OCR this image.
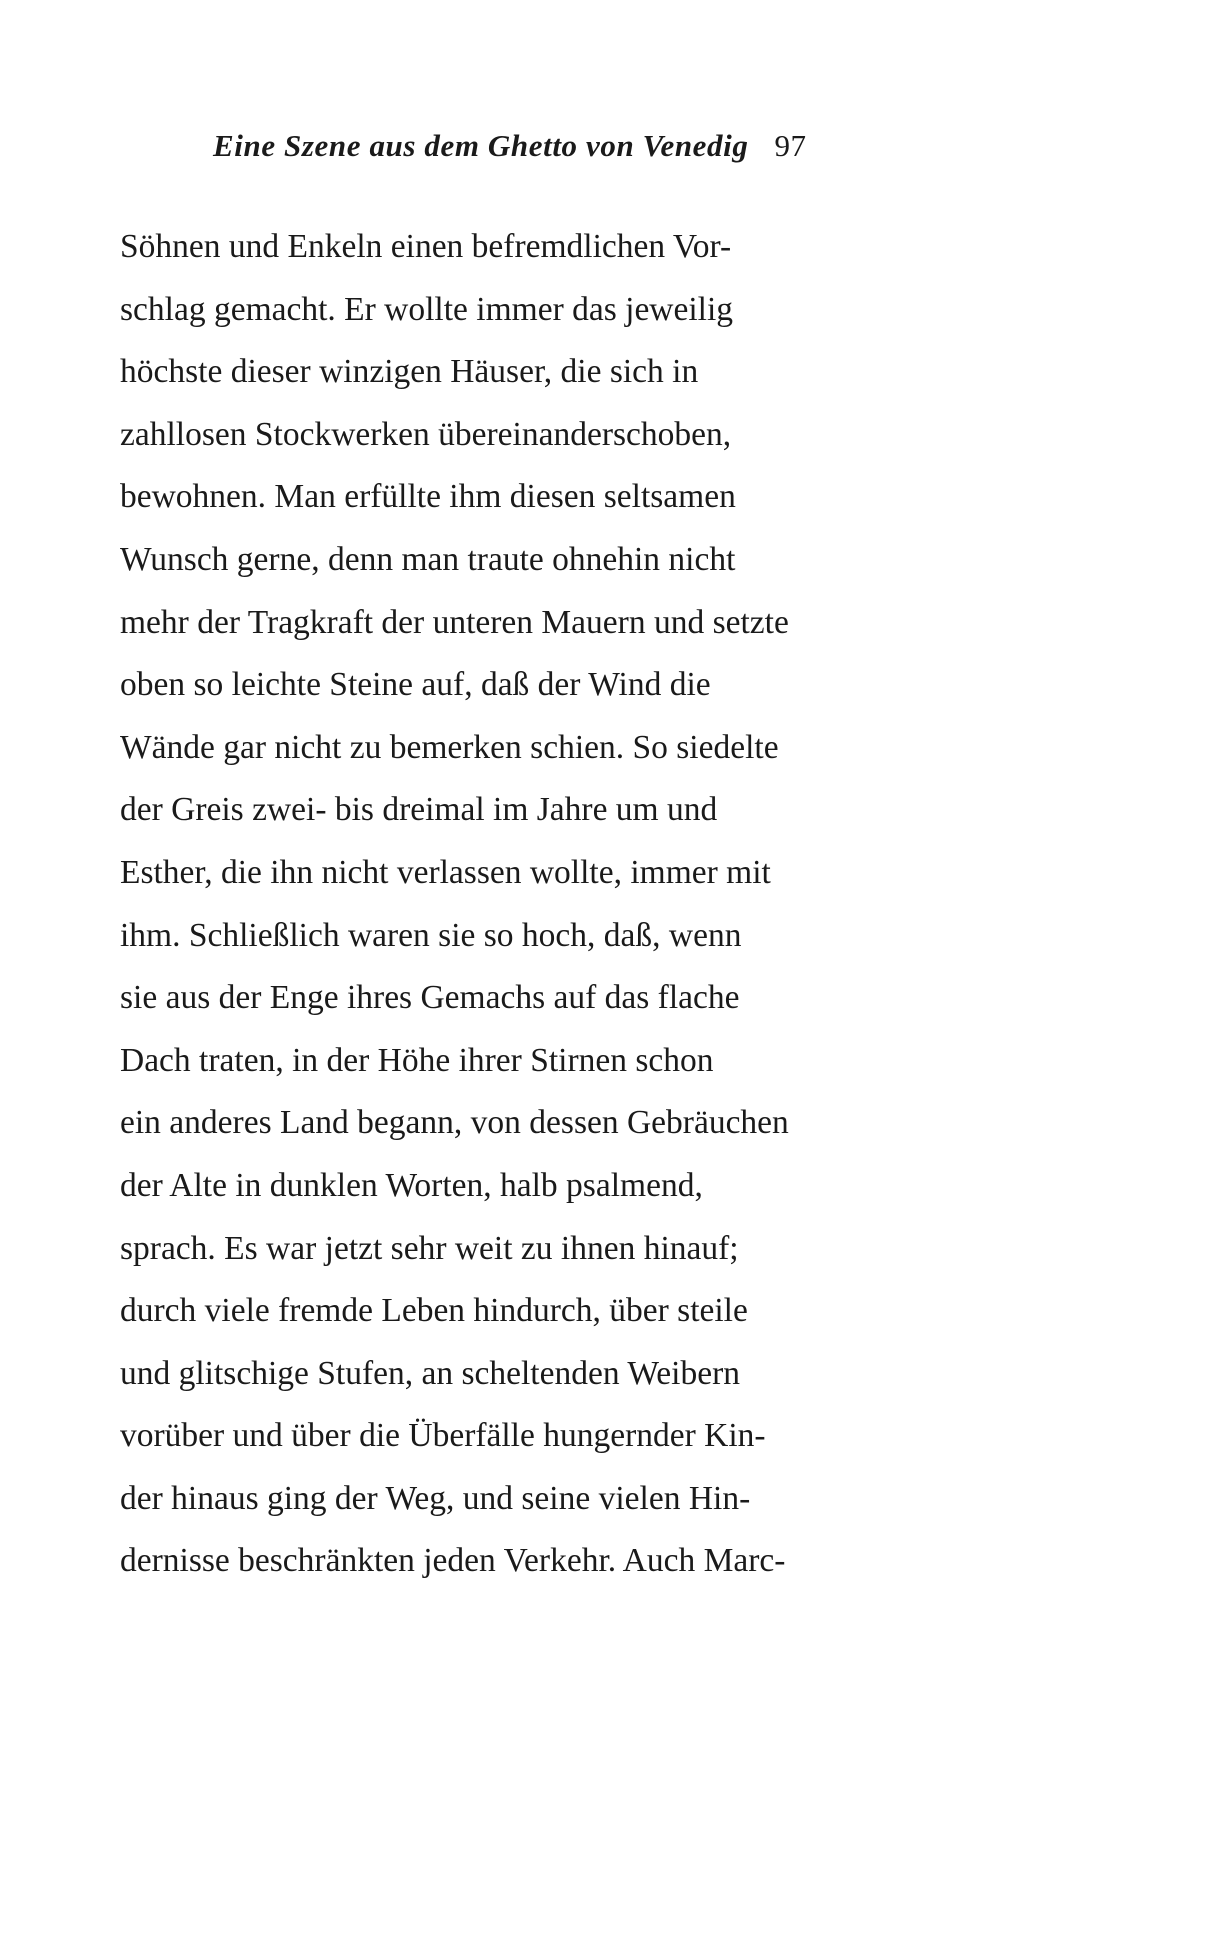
Eine Szene aus dem Ghetto von Venedig 97
Söhnen und Enkeln einen befremdlichen Vor-
schlag gemacht. Er wollte immer das jeweilig
höchste dieser winzigen Häuser, die sich in
zahllosen Stockwerken übereinanderschoben,
bewohnen. Man erfüllte ihm diesen seltsamen
Wunsch gerne, denn man traute ohnehin nicht
mehr der Tragkraft der unteren Mauern und setzte
oben so leichte Steine auf, daß der Wind die
Wände gar nicht zu bemerken schien. So siedelte
der Greis zwei- bis dreimal im Jahre um und
Esther, die ihn nicht verlassen wollte, immer mit
ihm. Schließlich waren sie so hoch, daß, wenn
sie aus der Enge ihres Gemachs auf das flache
Dach traten, in der Höhe ihrer Stirnen schon
ein anderes Land begann, von dessen Gebräuchen
der Alte in dunklen Worten, halb psalmend,
sprach. Es war jetzt sehr weit zu ihnen hinauf;
durch viele fremde Leben hindurch, über steile
und glitschige Stufen, an scheltenden Weibern
vorüber und über die Überfälle hungernder Kin-
der hinaus ging der Weg, und seine vielen Hin-
dernisse beschränkten jeden Verkehr. Auch Marc-
